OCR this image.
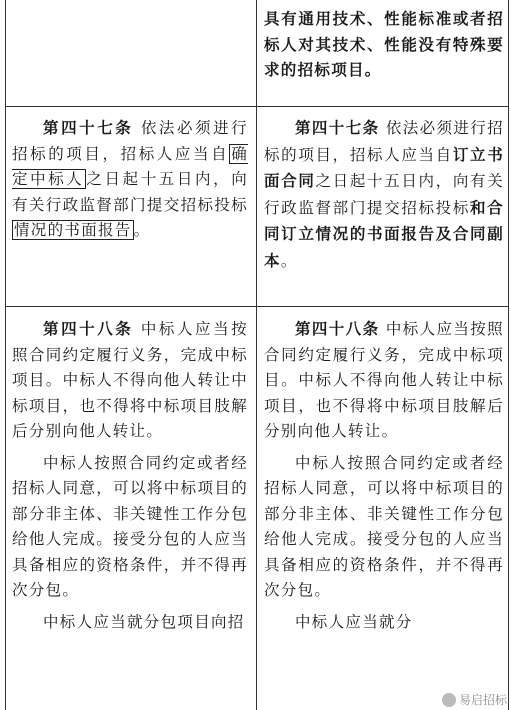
具有通用技术、性能标准或者招标人对其技术、性能没有特殊要求的招标项目。

第四十七条 依法必须进行招标的项目，招标人应当自 确定中标人 之日起十五日内，向有关行政监督部门提交招标投标情况的书面报告 。

第四十七条 依法必须进行招标的项目，招标人应当自订立书面合同之日起十五日内，向有关行政监督部门提交招标投标和合同订立情况的书面报告及合同副本。

第四十八条 中标人应当按照合同约定履行义务，完成中标项目。中标人不得向他人转让中标项目，也不得将中标项目肢解后分别向他人转让。

中标人按照合同约定或者经招标人同意，可以将中标项目的部分非主体、非关键性工作分包给他人完成。接受分包的人应当具备相应的资格条件，并不得再次分包。

中标人应当就分包项目向招

第四十八条 中标人应当按照合同约定履行义务，完成中标项目。中标人不得向他人转让中标项目，也不得将中标项目肢解后分别向他人转让。

中标人按照合同约定或者经招标人同意，可以将中标项目的部分非主体、非关键性工作分包给他人完成。接受分包的人应当具备相应的资格条件，并不得再次分包。

中标人应当就分

易启招标
